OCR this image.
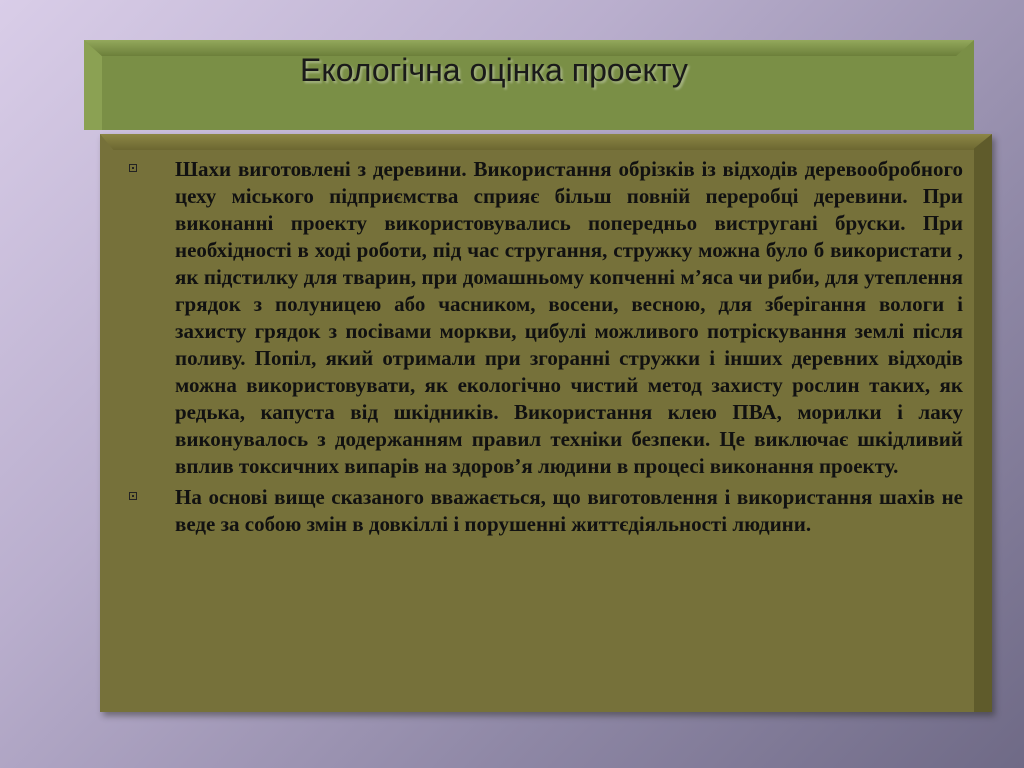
Екологічна оцінка проекту
Шахи виготовлені з деревини. Використання обрізків із відходів деревообробного цеху міського підприємства сприяє більш повній переробці деревини. При виконанні проекту використовувались попередньо виструганi бруски. При необхідності в ході роботи, під час стругання, стружку можна було б використати , як підстилку для тварин, при домашньому копченні м’яса чи риби, для утеплення грядок з полуницею або часником, восени, весною, для зберігання вологи і захисту грядок з посівами моркви, цибулі можливого потріскування землі після поливу. Попіл, який отримали при згоранні стружки і інших деревних відходів можна використовувати, як екологічно чистий метод захисту рослин таких, як редька, капуста від шкідників. Використання клею ПВА, морилки і лаку виконувалось з додержанням правил техніки безпеки. Це виключає шкідливий вплив токсичних випарів на здоров’я людини в процесі виконання проекту.
На основі вище сказаного вважається, що виготовлення і використання шахів не веде за собою змін в довкіллі і порушенні життєдіяльності людини.
